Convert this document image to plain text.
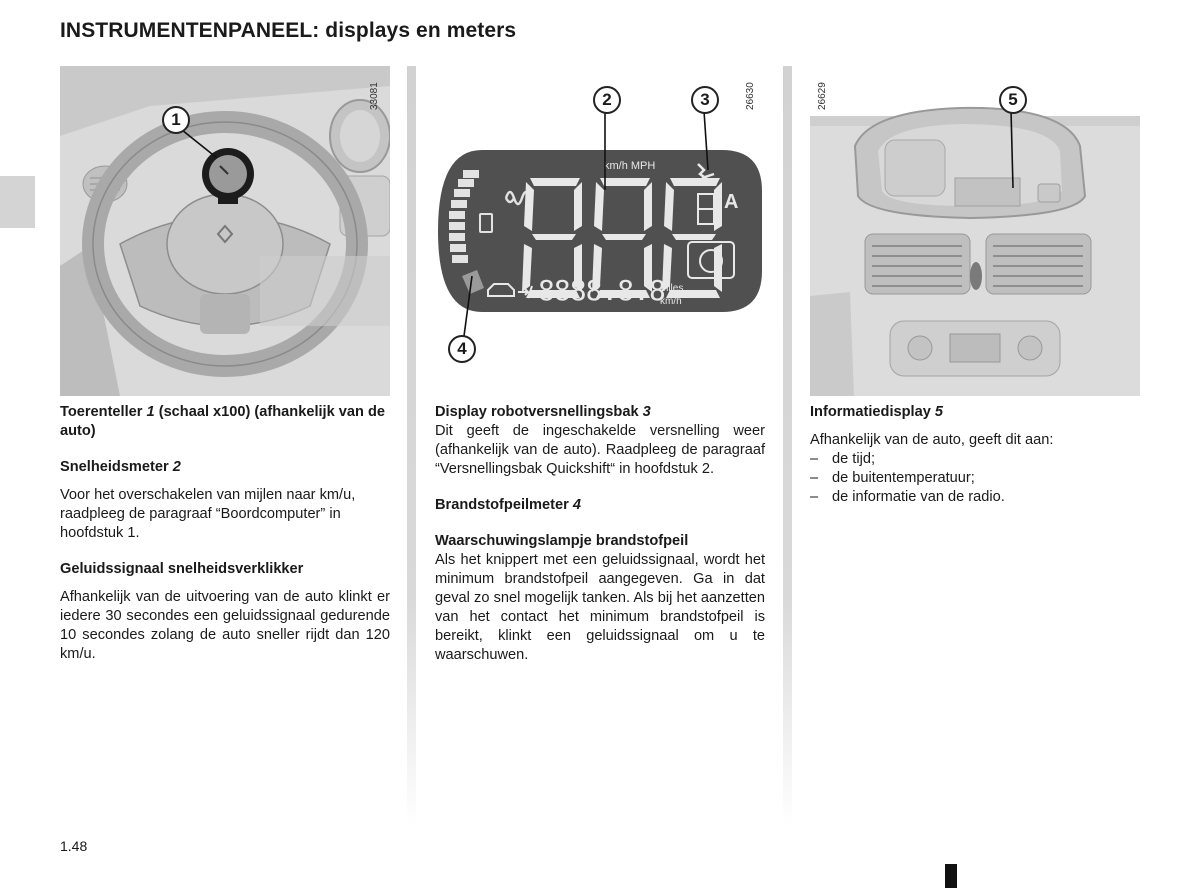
INSTRUMENTENPANEEL: displays en meters
1
33081
km/h MPH
A
8888.8.8
miles
km/h
2	3
4
26630	5
26629

Toerenteller 1 (schaal x100) (afhankelijk van de auto)

Snelheidsmeter 2

Voor het overschakelen van mijlen naar km/u, raadpleeg de paragraaf “Boordcomputer” in hoofdstuk 1.

Geluidssignaal snelheidsverklikker

Afhankelijk van de uitvoering van de auto klinkt er iedere 30 secondes een geluidssignaal gedurende 10 secondes zolang de auto sneller rijdt dan 120 km/u.

Display robotversnellingsbak 3

Dit geeft de ingeschakelde versnelling weer (afhankelijk van de auto). Raadpleeg de paragraaf “Versnellingsbak Quickshift“ in hoofdstuk 2.

Brandstofpeilmeter 4

Waarschuwingslampje brandstofpeil

Als het knippert met een geluidssignaal, wordt het minimum brandstofpeil aangegeven. Ga in dat geval zo snel mogelijk tanken. Als bij het aanzetten van het contact het minimum brandstofpeil is bereikt, klinkt een geluidssignaal om u te waarschuwen.

Informatiedisplay 5

Afhankelijk van de auto, geeft dit aan:

– de tijd;
– de buitentemperatuur;
– de informatie van de radio.
1.48
